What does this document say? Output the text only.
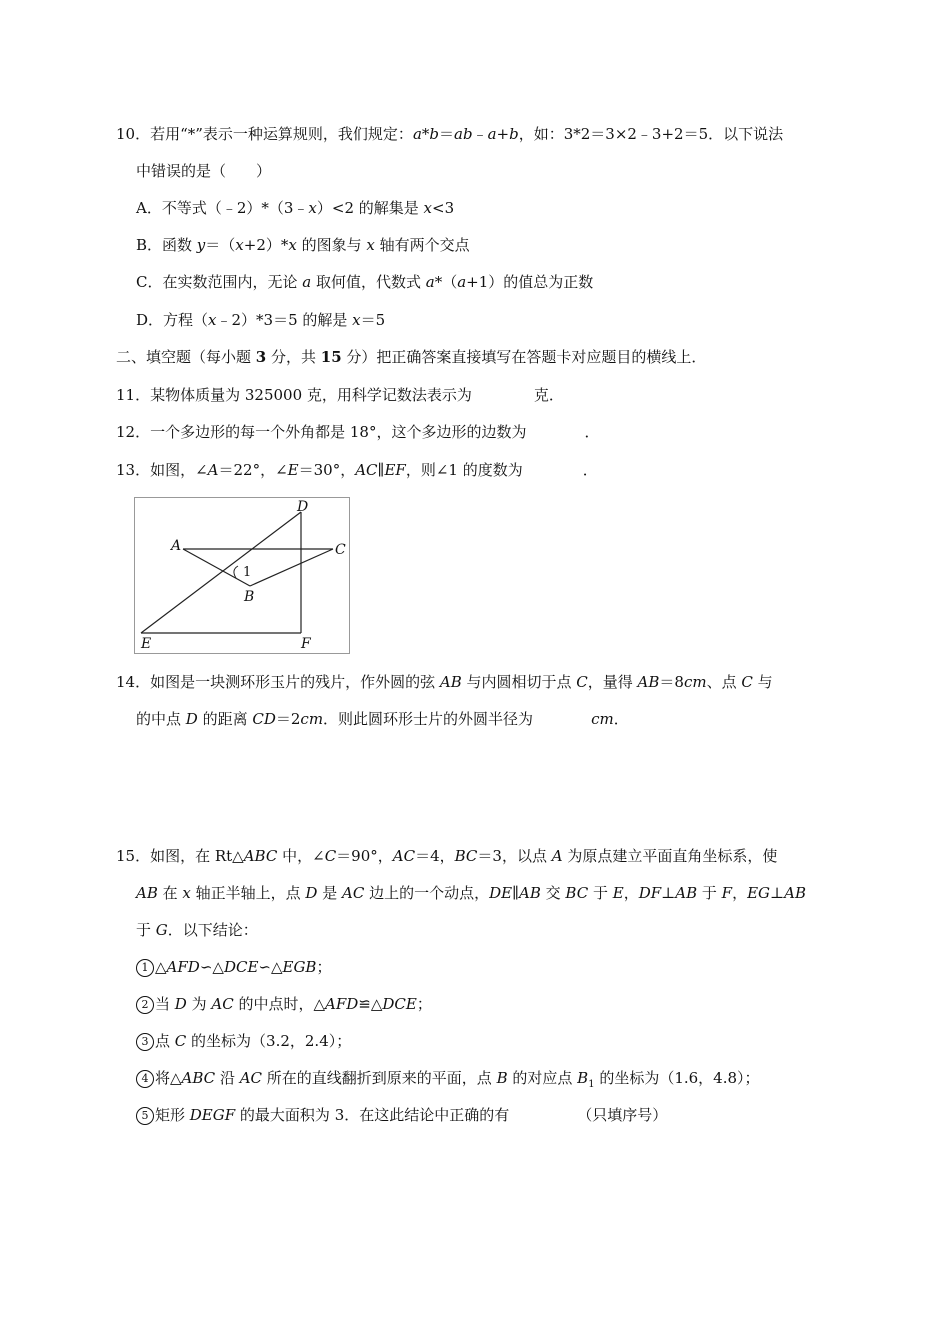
10．若用“*”表示一种运算规则，我们规定：a*b＝ab﹣a+b，如：3*2＝3×2﹣3+2＝5．以下说法
中错误的是（　　）
A．不等式（﹣2）*（3﹣x）<2 的解集是 x<3
B．函数 y＝（x+2）*x 的图象与 x 轴有两个交点
C．在实数范围内，无论 a 取何值，代数式 a*（a+1）的值总为正数
D．方程（x﹣2）*3＝5 的解是 x＝5
二、填空题（每小题 3 分，共 15 分）把正确答案直接填写在答题卡对应题目的横线上．
11．某物体质量为 325000 克，用科学记数法表示为	克．
12．一个多边形的每一个外角都是 18°，这个多边形的边数为	．
13．如图，∠A＝22°，∠E＝30°，AC∥EF，则∠1 的度数为	．
A
B
C
D
E	F
1
14．如图是一块测环形玉片的残片，作外圆的弦 AB 与内圆相切于点 C，量得 AB＝8cm、点 C 与
的中点 D 的距离 CD＝2cm．则此圆环形士片的外圆半径为	cm．
15．如图，在 Rt△ABC 中，∠C＝90°，AC＝4，BC＝3，以点 A 为原点建立平面直角坐标系，使
AB 在 x 轴正半轴上，点 D 是 AC 边上的一个动点，DE∥AB 交 BC 于 E，DF⊥AB 于 F，EG⊥AB
于 G．以下结论：
1 △AFD∽△DCE∽△EGB；
2 当 D 为 AC 的中点时，△AFD≌△DCE；
3 点 C 的坐标为（3.2，2.4）；
4 将△ABC 沿 AC 所在的直线翻折到原来的平面，点 B 的对应点 $B_1$ 的坐标为（1.6，4.8）；
5 矩形 DEGF 的最大面积为 3．在这此结论中正确的有	（只填序号）
